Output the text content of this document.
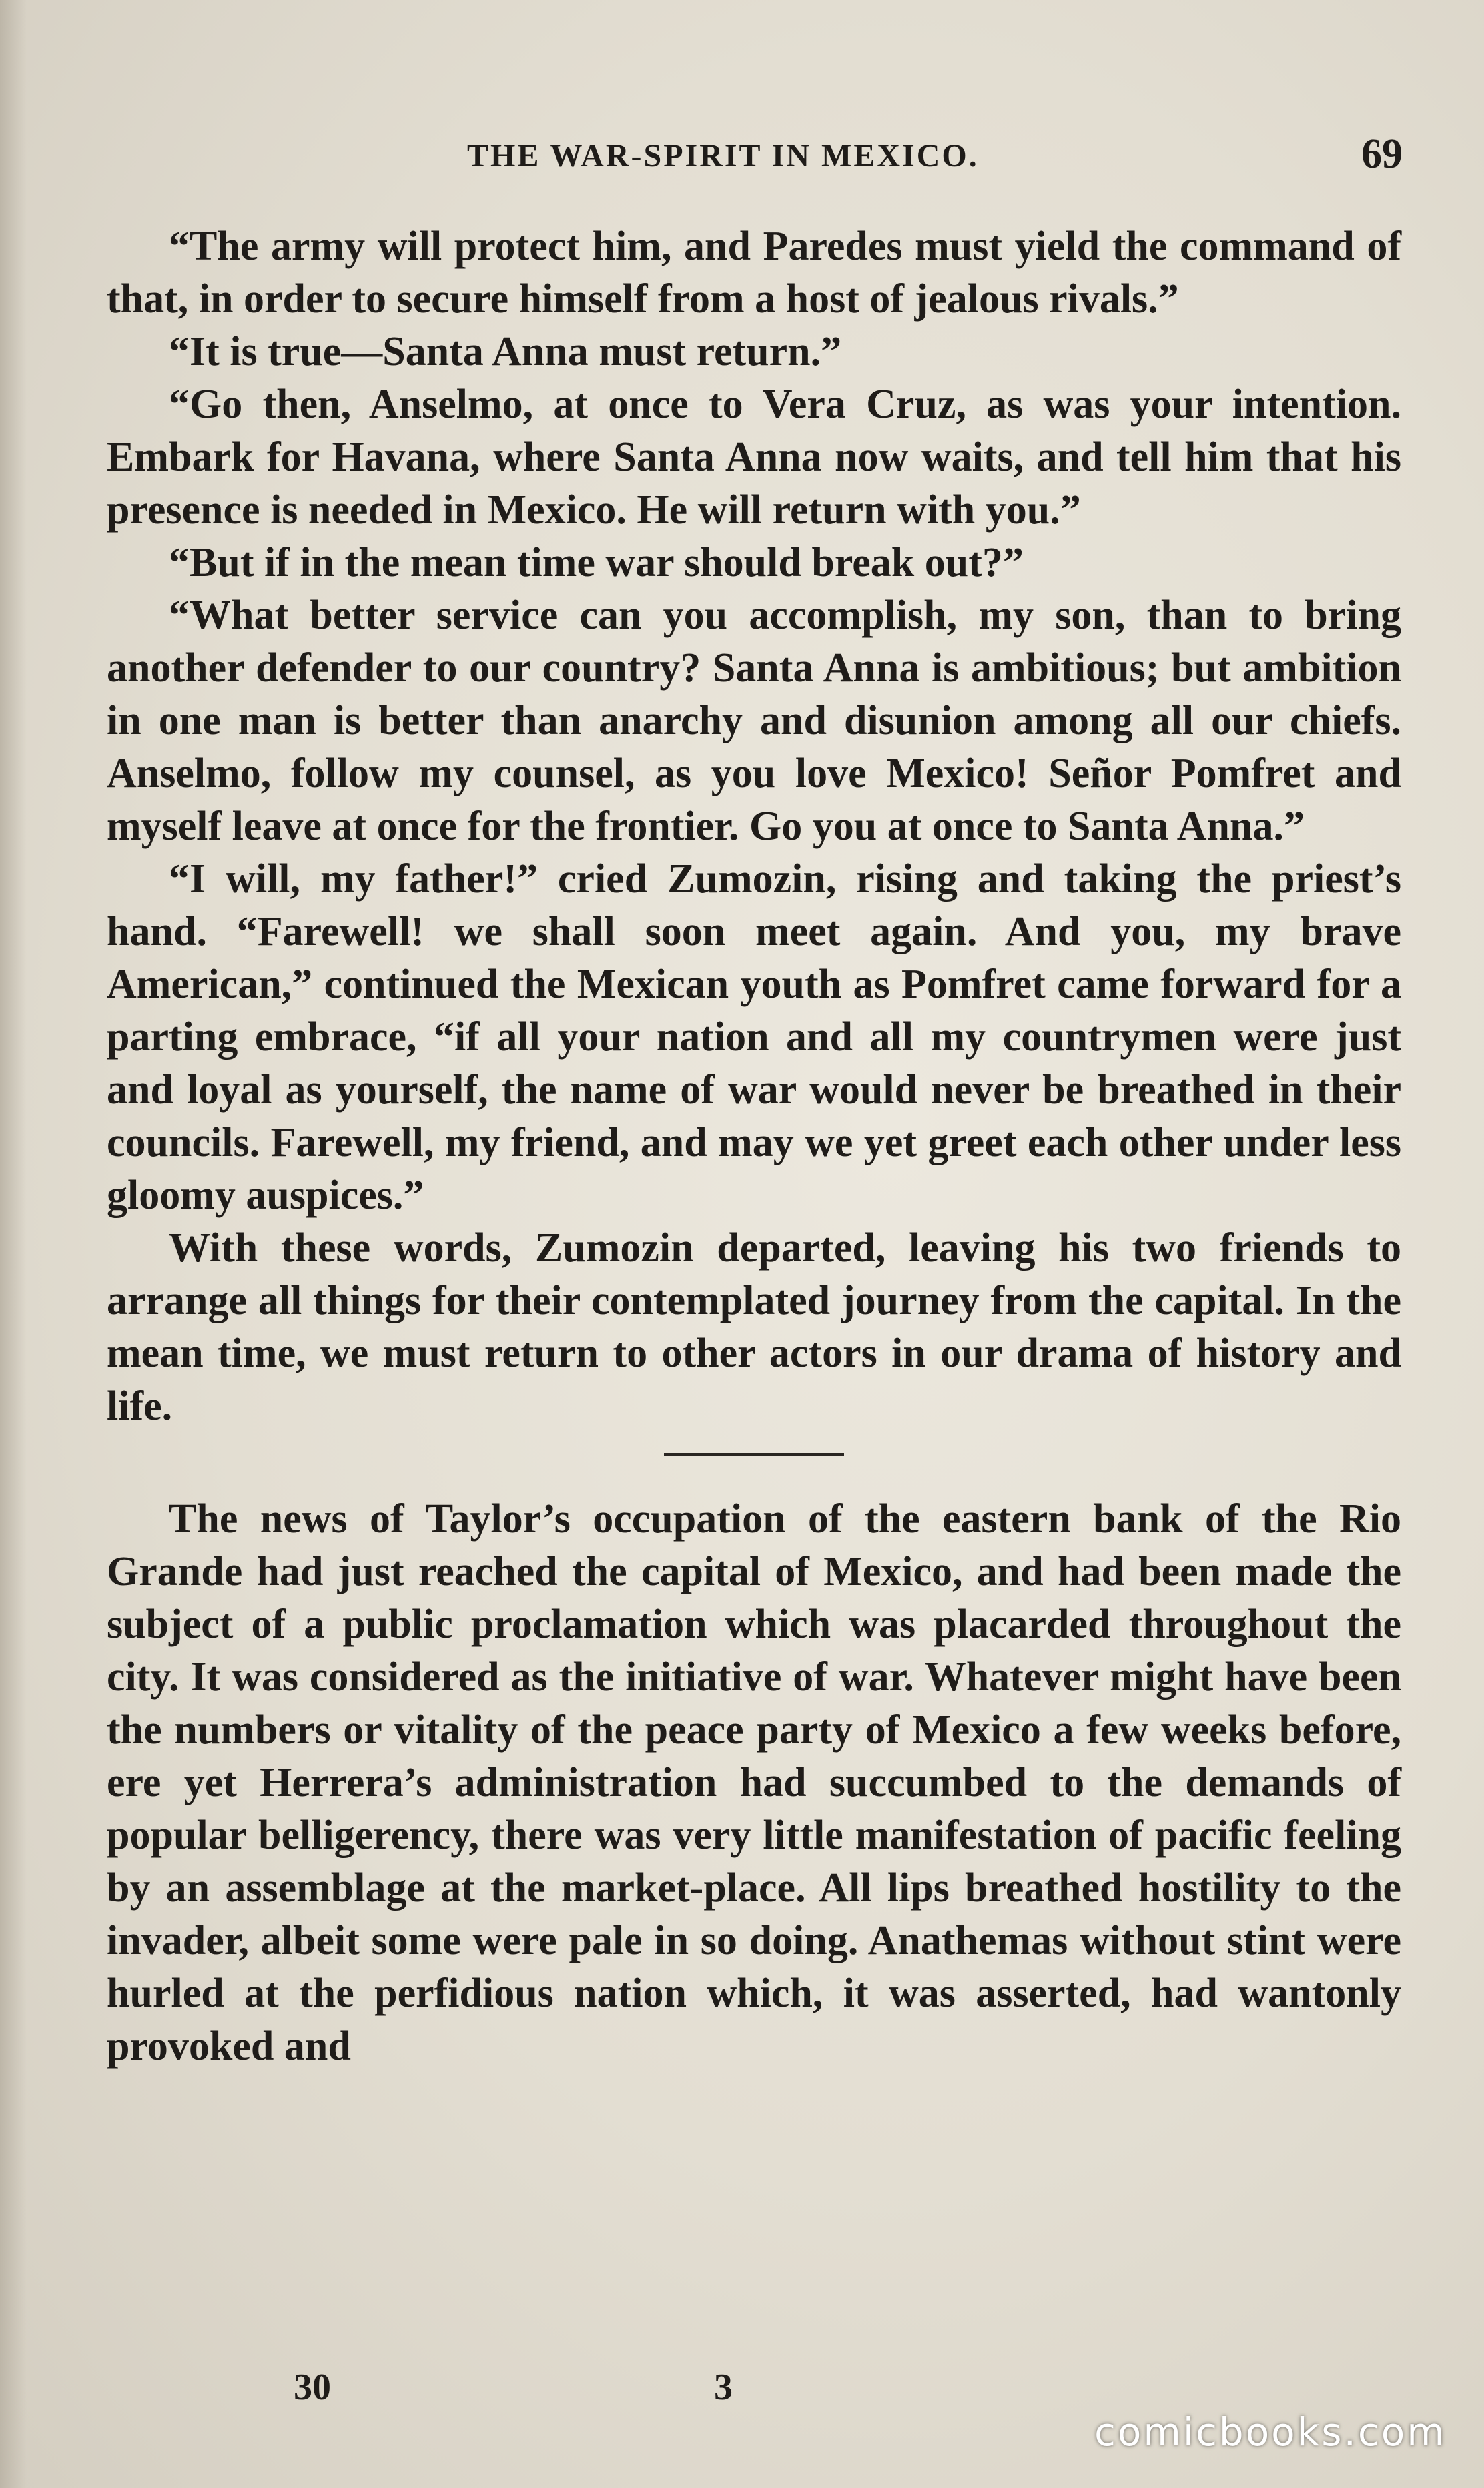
THE WAR-SPIRIT IN MEXICO.	69

“The army will protect him, and Paredes must yield the command of that, in order to secure himself from a host of jealous rivals.”

“It is true—Santa Anna must return.”

“Go then, Anselmo, at once to Vera Cruz, as was your intention. Embark for Havana, where Santa Anna now waits, and tell him that his presence is needed in Mexico. He will return with you.”

“But if in the mean time war should break out?”

“What better service can you accomplish, my son, than to bring another defender to our country? Santa Anna is ambitious; but ambition in one man is better than anarchy and disunion among all our chiefs. Anselmo, follow my counsel, as you love Mexico! Señor Pomfret and myself leave at once for the frontier. Go you at once to Santa Anna.”

“I will, my father!” cried Zumozin, rising and taking the priest’s hand. “Farewell! we shall soon meet again. And you, my brave American,” continued the Mexican youth as Pomfret came forward for a parting embrace, “if all your nation and all my countrymen were just and loyal as yourself, the name of war would never be breathed in their councils. Farewell, my friend, and may we yet greet each other under less gloomy auspices.”

With these words, Zumozin departed, leaving his two friends to arrange all things for their contemplated journey from the capital. In the mean time, we must return to other actors in our drama of history and life.

The news of Taylor’s occupation of the eastern bank of the Rio Grande had just reached the capital of Mexico, and had been made the subject of a public proclamation which was placarded throughout the city. It was considered as the initiative of war. Whatever might have been the numbers or vitality of the peace party of Mexico a few weeks before, ere yet Herrera’s administration had succumbed to the demands of popular belligerency, there was very little manifestation of pacific feeling by an assemblage at the market-place. All lips breathed hostility to the invader, albeit some were pale in so doing. Anathemas without stint were hurled at the perfidious nation which, it was asserted, had wantonly provoked and

30	3
comicbooks.com
